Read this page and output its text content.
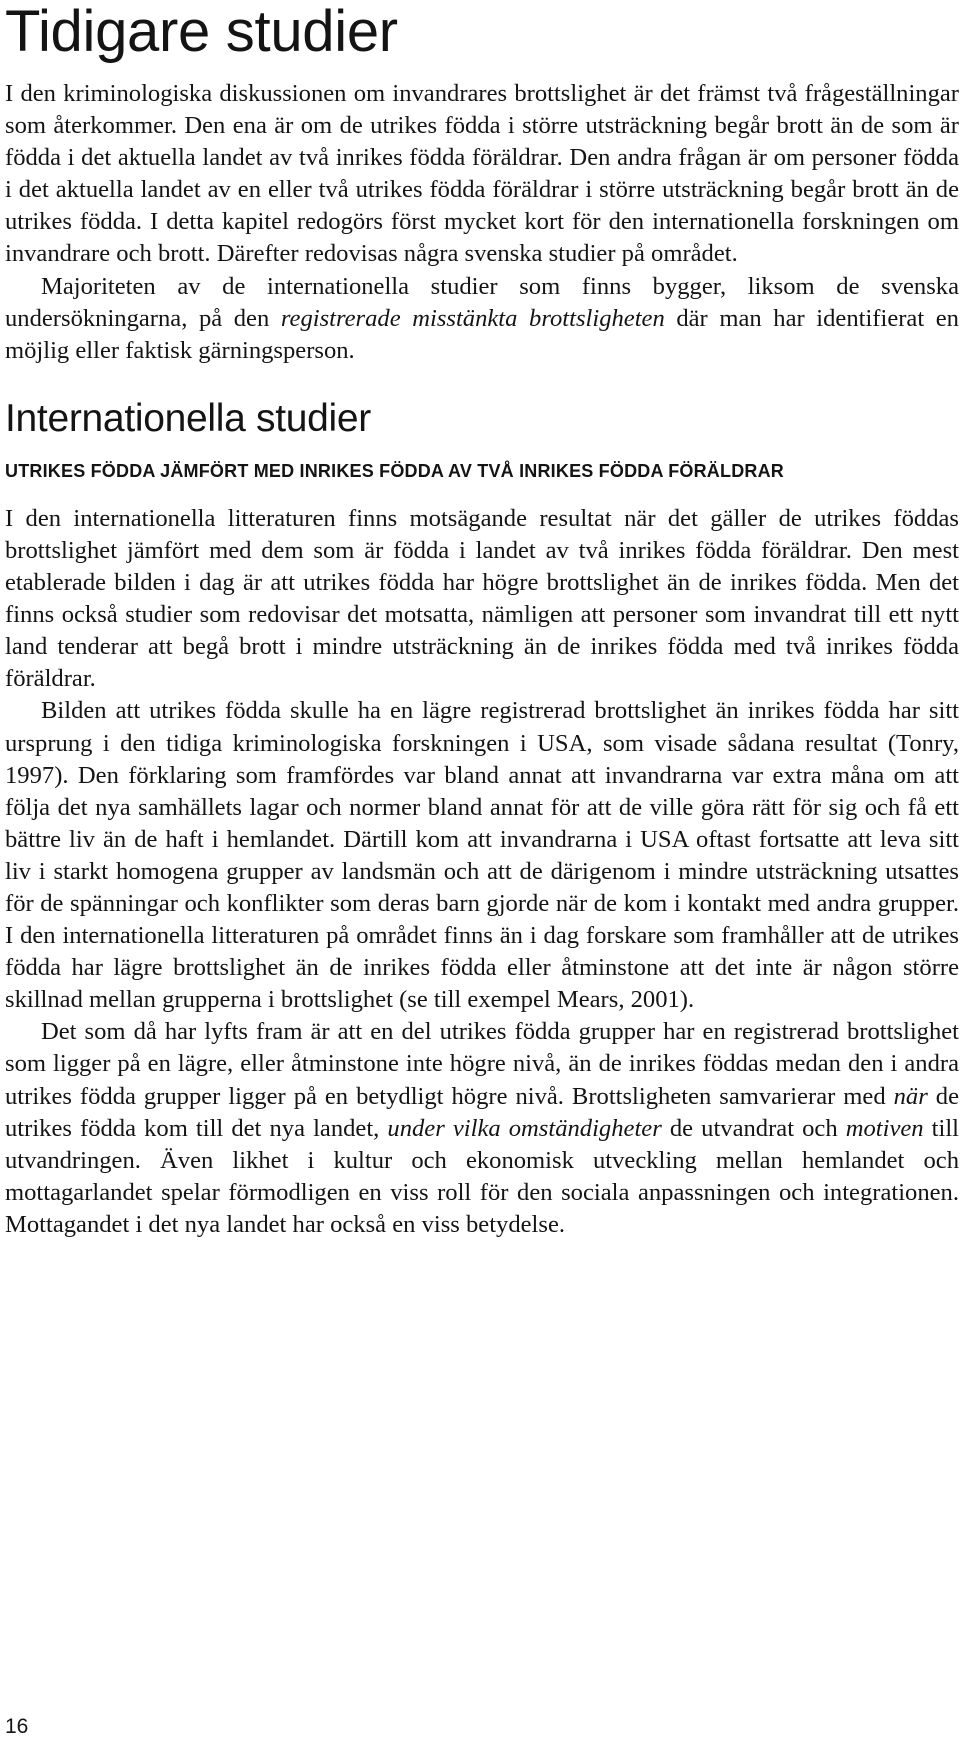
Tidigare studier

I den kriminologiska diskussionen om invandrares brottslighet är det främst två frågeställningar som återkommer. Den ena är om de utrikes födda i större utsträckning begår brott än de som är födda i det aktuella landet av två inrikes födda föräldrar. Den andra frågan är om personer födda i det aktuella landet av en eller två utrikes födda föräldrar i större utsträckning begår brott än de utrikes födda. I detta kapitel redogörs först mycket kort för den internationella forskningen om invandrare och brott. Därefter redovisas några svenska studier på området.

Majoriteten av de internationella studier som finns bygger, liksom de svenska undersökningarna, på den registrerade misstänkta brottsligheten där man har identifierat en möjlig eller faktisk gärningsperson.

Internationella studier
UTRIKES FÖDDA JÄMFÖRT MED INRIKES FÖDDA AV TVÅ INRIKES FÖDDA FÖRÄLDRAR

I den internationella litteraturen finns motsägande resultat när det gäller de utrikes föddas brottslighet jämfört med dem som är födda i landet av två inrikes födda föräldrar. Den mest etablerade bilden i dag är att utrikes födda har högre brottslighet än de inrikes födda. Men det finns också studier som redovisar det motsatta, nämligen att personer som invandrat till ett nytt land tenderar att begå brott i mindre utsträckning än de inrikes födda med två inrikes födda föräldrar.

Bilden att utrikes födda skulle ha en lägre registrerad brottslighet än inrikes födda har sitt ursprung i den tidiga kriminologiska forskningen i USA, som visade sådana resultat (Tonry, 1997). Den förklaring som framfördes var bland annat att invandrarna var extra måna om att följa det nya samhällets lagar och normer bland annat för att de ville göra rätt för sig och få ett bättre liv än de haft i hemlandet. Därtill kom att invandrarna i USA oftast fortsatte att leva sitt liv i starkt homogena grupper av landsmän och att de därigenom i mindre utsträckning utsattes för de spänningar och konflikter som deras barn gjorde när de kom i kontakt med andra grupper. I den internationella litteraturen på området finns än i dag forskare som framhåller att de utrikes födda har lägre brottslighet än de inrikes födda eller åtminstone att det inte är någon större skillnad mellan grupperna i brottslighet (se till exempel Mears, 2001).

Det som då har lyfts fram är att en del utrikes födda grupper har en registrerad brottslighet som ligger på en lägre, eller åtminstone inte högre nivå, än de inrikes föddas medan den i andra utrikes födda grupper ligger på en betydligt högre nivå. Brottsligheten samvarierar med när de utrikes födda kom till det nya landet, under vilka omständigheter de utvandrat och motiven till utvandringen. Även likhet i kultur och ekonomisk utveckling mellan hemlandet och mottagarlandet spelar förmodligen en viss roll för den sociala anpassningen och integrationen. Mottagandet i det nya landet har också en viss betydelse.

16
